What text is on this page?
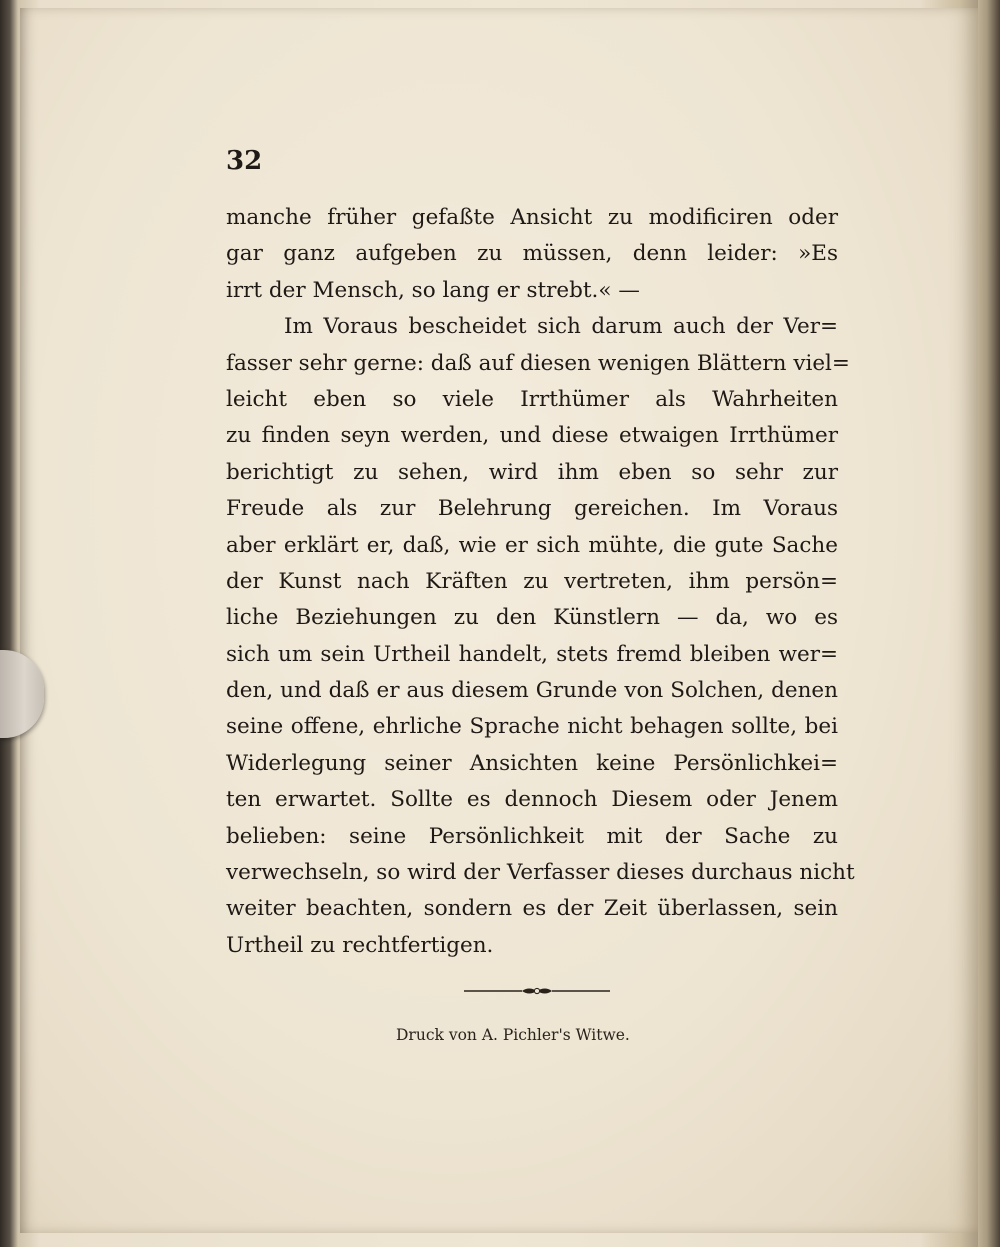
32
manche früher gefaßte Ansicht zu modificiren oder
gar ganz aufgeben zu müssen, denn leider: »Es
irrt der Mensch, so lang er strebt.« —
Im Voraus bescheidet sich darum auch der Ver=
fasser sehr gerne: daß auf diesen wenigen Blättern viel=
leicht eben so viele Irrthümer als Wahrheiten
zu finden seyn werden, und diese etwaigen Irrthümer
berichtigt zu sehen, wird ihm eben so sehr zur
Freude als zur Belehrung gereichen. Im Voraus
aber erklärt er, daß, wie er sich mühte, die gute Sache
der Kunst nach Kräften zu vertreten, ihm persön=
liche Beziehungen zu den Künstlern — da, wo es
sich um sein Urtheil handelt, stets fremd bleiben wer=
den, und daß er aus diesem Grunde von Solchen, denen
seine offene, ehrliche Sprache nicht behagen sollte, bei
Widerlegung seiner Ansichten keine Persönlichkei=
ten erwartet. Sollte es dennoch Diesem oder Jenem
belieben: seine Persönlichkeit mit der Sache zu
verwechseln, so wird der Verfasser dieses durchaus nicht
weiter beachten, sondern es der Zeit überlassen, sein
Urtheil zu rechtfertigen.
Druck von A. Pichler's Witwe.
